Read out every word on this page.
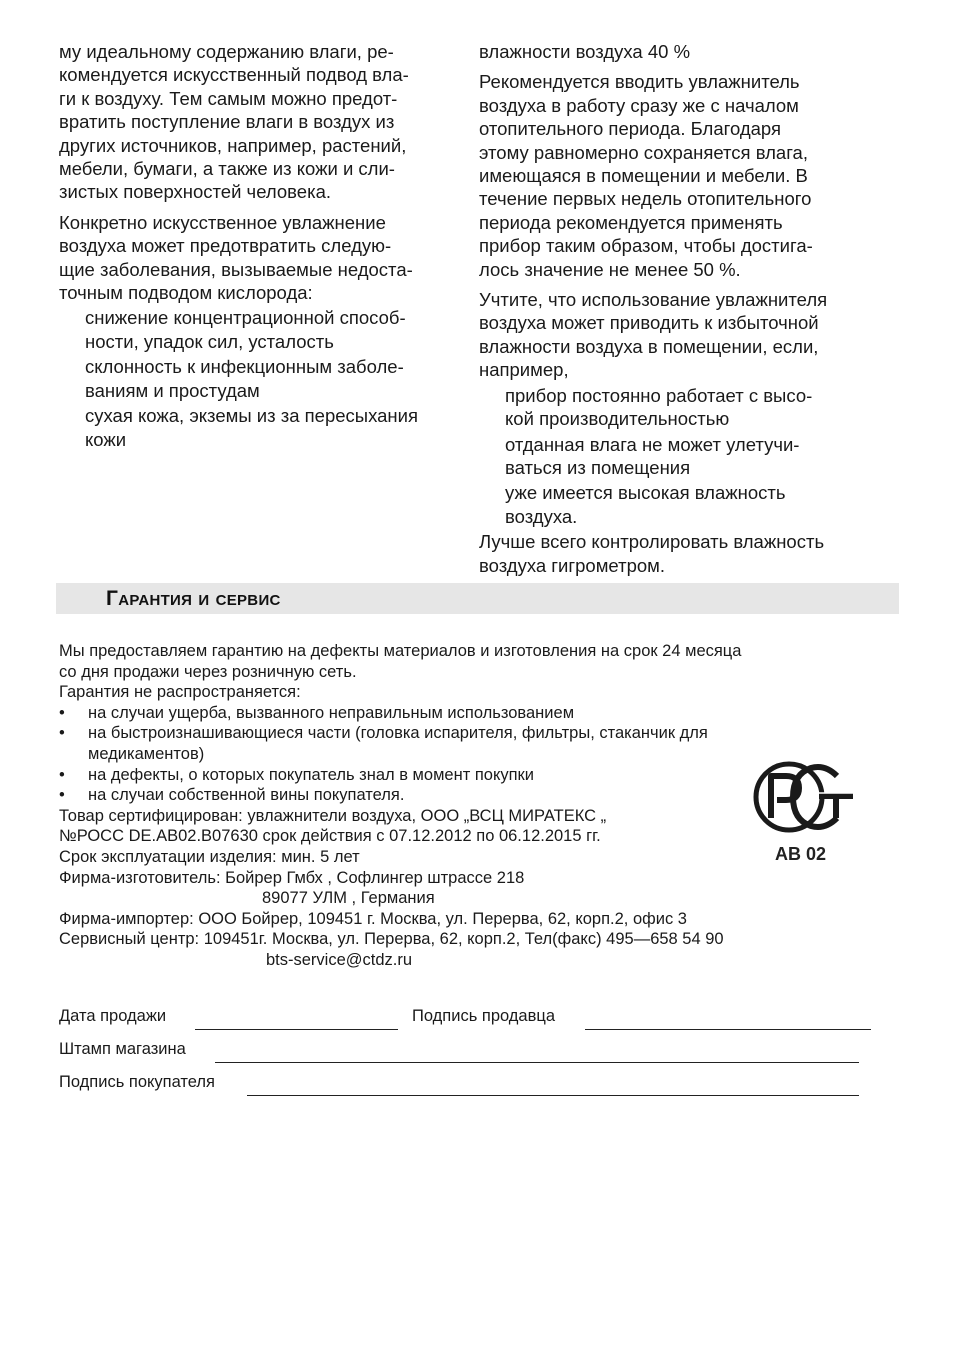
му идеальному содержанию влаги, ре-
комендуется искусственный подвод вла-
ги к воздуху. Тем самым можно предот-
вратить поступление влаги в воздух из
других источников, например, растений,
мебели, бумаги, а также из кожи и сли-
зистых поверхностей человека.

Конкретно искусственное увлажнение
воздуха может предотвратить следую-
щие заболевания, вызываемые недоста-
точным подводом кислорода:

снижение концентрационной способ-
ности, упадок сил, усталость
склонность к инфекционным заболе-
ваниям и простудам
сухая кожа, экземы из за пересыхания
кожи

влажности воздуха 40 %

Рекомендуется вводить увлажнитель
воздуха в работу сразу же с началом
отопительного периода. Благодаря
этому равномерно сохраняется влага,
имеющаяся в помещении и мебели. В
течение первых недель отопительного
периода рекомендуется применять
прибор таким образом, чтобы достига-
лось значение не менее 50 %.

Учтите, что использование увлажнителя
воздуха может приводить к избыточной
влажности воздуха в помещении, если,
например,

прибор постоянно работает с высо-
кой производительностью
отданная влага не может улетучи-
ваться из помещения
уже имеется высокая влажность
воздуха.

Лучше всего контролировать влажность
воздуха гигрометром.

Гарантия и сервис
Мы предоставляем гарантию на дефекты материалов и изготовления на срок 24 месяца
со дня продажи через розничную сеть.
Гарантия не распространяется:
• на случаи ущерба, вызванного неправильным использованием
• на быстроизнашивающиеся части (головка испарителя, фильтры, стаканчик для
медикаментов)
• на дефекты, о которых покупатель знал в момент покупки
• на случаи собственной вины покупателя.
Товар сертифицирован: увлажнители воздуха, ООО „ВСЦ МИРАТЕКС „
№РОСС DE.АВ02.В07630 срок действия с 07.12.2012 по 06.12.2015 гг.
Срок эксплуатации изделия: мин. 5 лет
Фирма-изготовитель: Бойрер Гмбх , Софлингер штрассе 218
89077 УЛМ , Германия
Фирма-импортер: ООО Бойрер, 109451 г. Москва, ул. Перерва, 62, корп.2, офис 3
Сервисный центр: 109451г. Москва, ул. Перерва, 62, корп.2, Тел(факс) 495—658 54 90
bts-service@ctdz.ru
АВ 02
Дата продажи	Подпись продавца
Штамп магазина
Подпись покупателя
